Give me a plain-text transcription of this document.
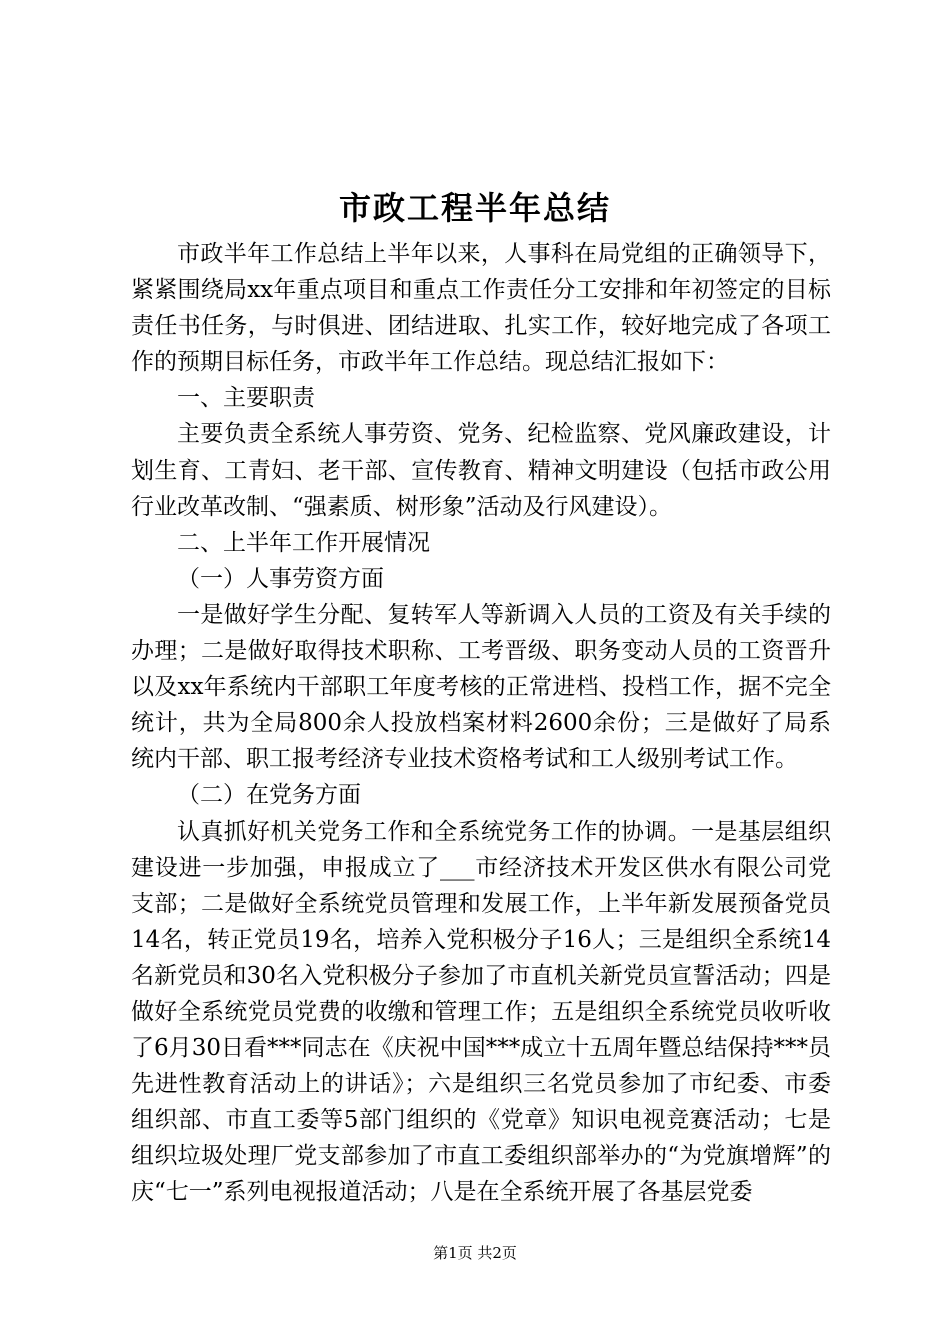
市政工程半年总结

市政半年工作总结上半年以来，人事科在局党组的正确领导下，紧紧围绕局xx年重点项目和重点工作责任分工安排和年初签定的目标责任书任务，与时俱进、团结进取、扎实工作，较好地完成了各项工作的预期目标任务，市政半年工作总结。现总结汇报如下：

一、主要职责

主要负责全系统人事劳资、党务、纪检监察、党风廉政建设，计划生育、工青妇、老干部、宣传教育、精神文明建设（包括市政公用行业改革改制、“强素质、树形象”活动及行风建设）。

二、上半年工作开展情况

（一）人事劳资方面

一是做好学生分配、复转军人等新调入人员的工资及有关手续的办理；二是做好取得技术职称、工考晋级、职务变动人员的工资晋升以及xx年系统内干部职工年度考核的正常进档、投档工作，据不完全统计，共为全局800余人投放档案材料2600余份；三是做好了局系统内干部、职工报考经济专业技术资格考试和工人级别考试工作。

（二）在党务方面

认真抓好机关党务工作和全系统党务工作的协调。一是基层组织建设进一步加强，申报成立了___市经济技术开发区供水有限公司党支部；二是做好全系统党员管理和发展工作，上半年新发展预备党员14名，转正党员19名，培养入党积极分子16人；三是组织全系统14名新党员和30名入党积极分子参加了市直机关新党员宣誓活动；四是做好全系统党员党费的收缴和管理工作；五是组织全系统党员收听收了6月30日看***同志在《庆祝中国***成立十五周年暨总结保持***员先进性教育活动上的讲话》；六是组织三名党员参加了市纪委、市委组织部、市直工委等5部门组织的《党章》知识电视竞赛活动；七是组织垃圾处理厂党支部参加了市直工委组织部举办的“为党旗增辉”的庆“七一”系列电视报道活动；八是在全系统开展了各基层党委

第1页 共2页
